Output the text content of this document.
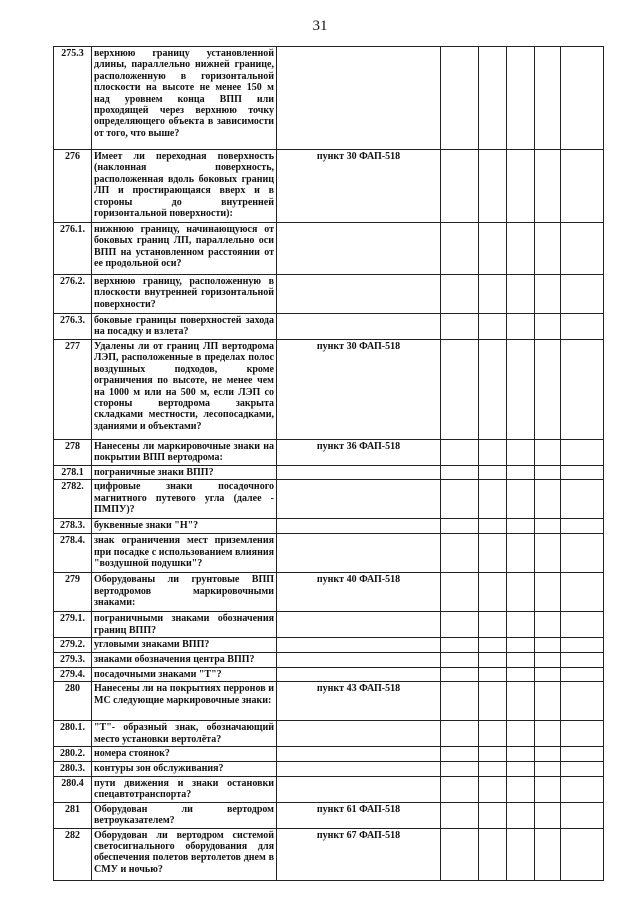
31
275.3	верхнюю границу установленной длины, параллельно нижней границе, расположенную в горизонтальной плоскости на высоте не менее 150 м над уровнем конца ВПП или проходящей через верхнюю точку определяющего объекта в зависимости от того, что выше?						
276	Имеет ли переходная поверхность (наклонная поверхность, расположенная вдоль боковых границ ЛП и простирающаяся вверх и в стороны до внутренней горизонтальной поверхности):	пункт 30 ФАП-518					
276.1.	нижнюю границу, начинающуюся от боковых границ ЛП, параллельно оси ВПП на установленном расстоянии от ее продольной оси?						
276.2.	верхнюю границу, расположенную в плоскости внутренней горизонтальной поверхности?						
276.3.	боковые границы поверхностей захода на посадку и взлета?						
277	Удалены ли от границ ЛП вертодрома ЛЭП, расположенные в пределах полос воздушных подходов, кроме ограничения по высоте, не менее чем на 1000 м или на 500 м, если ЛЭП со стороны вертодрома закрыта складками местности, лесопосадками, зданиями и объектами?	пункт 30 ФАП-518					
278	Нанесены ли маркировочные знаки на покрытии ВПП вертодрома:	пункт 36 ФАП-518					
278.1	пограничные знаки ВПП?						
2782.	цифровые знаки посадочного магнитного путевого угла (далее - ПМПУ)?						
278.3.	буквенные знаки "Н"?						
278.4.	знак ограничения мест приземления при посадке с использованием влияния "воздушной подушки"?						
279	Оборудованы ли грунтовые ВПП вертодромов маркировочными знаками:	пункт 40 ФАП-518					
279.1.	пограничными знаками обозначения границ ВПП?						
279.2.	угловыми знаками ВПП?						
279.3.	знаками обозначения центра ВПП?						
279.4.	посадочными знаками "Т"?						
280	Нанесены ли на покрытиях перронов и МС следующие маркировочные знаки:	пункт 43 ФАП-518					
280.1.	"Т"- образный знак, обозначающий место установки вертолёта?						
280.2.	номера стоянок?						
280.3.	контуры зон обслуживания?						
280.4	пути движения и знаки остановки спецавтотранспорта?						
281	Оборудован ли вертодром ветроуказателем?	пункт 61 ФАП-518					
282	Оборудован ли вертодром системой светосигнального оборудования для обеспечения полетов вертолетов днем в СМУ и ночью?	пункт 67 ФАП-518					
